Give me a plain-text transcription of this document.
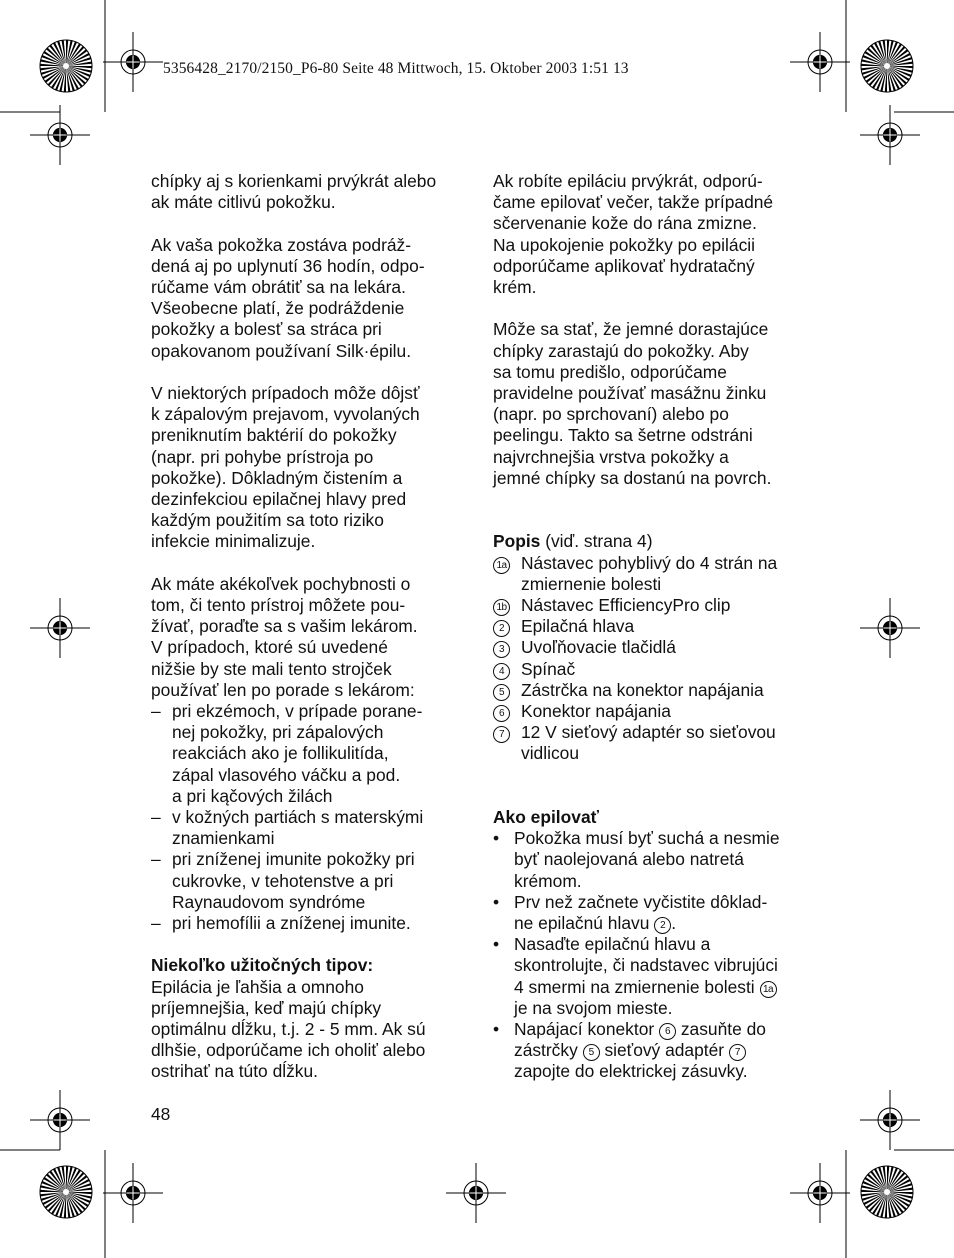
5356428_2170/2150_P6-80 Seite 48 Mittwoch, 15. Oktober 2003 1:51 13

chípky aj s korienkami prvýkrát alebo
ak máte citlivú pokožku.

Ak vaša pokožka zostáva podráž-
dená aj po uplynutí 36 hodín, odpo-
rúčame vám obrátiť sa na lekára.
Všeobecne platí, že podráždenie
pokožky a bolesť sa stráca pri
opakovanom používaní Silk·épilu.

V niektorých prípadoch môže dôjsť
k zápalovým prejavom, vyvolaných
preniknutím baktérií do pokožky
(napr. pri pohybe prístroja po
pokožke). Dôkladným čistením a
dezinfekciou epilačnej hlavy pred
každým použitím sa toto riziko
infekcie minimalizuje.

Ak máte akékoľvek pochybnosti o
tom, či tento prístroj môžete pou-
žívať, poraďte sa s vašim lekárom.
V prípadoch, ktoré sú uvedené
nižšie by ste mali tento strojček
používať len po porade s lekárom:

– pri ekzémoch, v prípade porane-
nej pokožky, pri zápalových
reakciách ako je follikulitída,
zápal vlasového váčku a pod.
a pri kąčových žilách
– v kožných partiách s materskými
znamienkami
– pri zníženej imunite pokožky pri
cukrovke, v tehotenstve a pri
Raynaudovom syndróme
– pri hemofílii a zníženej imunite.

Niekoľko užitočných tipov:

Epilácia je ľahšia a omnoho
príjemnejšia, keď majú chípky
optimálnu dĺžku, t.j. 2 - 5 mm. Ak sú
dlhšie, odporúčame ich oholiť alebo
ostrihať na túto dĺžku.

Ak robíte epiláciu prvýkrát, odporú-
čame epilovať večer, takže prípadné
sčervenanie kože do rána zmizne.
Na upokojenie pokožky po epilácii
odporúčame aplikovať hydratačný
krém.

Môže sa stať, že jemné dorastajúce
chípky zarastajú do pokožky. Aby
sa tomu predišlo, odporúčame
pravidelne používať masážnu žinku
(napr. po sprchovaní) alebo po
peelingu. Takto sa šetrne odstráni
najvrchnejšia vrstva pokožky a
jemné chípky sa dostanú na povrch.

Popis (viď. strana 4)

1a Nástavec pohyblivý do 4 strán na
zmiernenie bolesti
1b Nástavec EfficiencyPro clip
2 Epilačná hlava
3 Uvoľňovacie tlačidlá
4 Spínač
5 Zástrčka na konektor napájania
6 Konektor napájania
7 12 V sieťový adaptér so sieťovou
vidlicou

Ako epilovať

• Pokožka musí byť suchá a nesmie
byť naolejovaná alebo natretá
krémom.
• Prv než začnete vyčistite dôklad-
ne epilačnú hlavu 2 .
• Nasaďte epilačnú hlavu a
skontrolujte, či nadstavec vibrujúci
4 smermi na zmiernenie bolesti 1a
je na svojom mieste.
• Napájací konektor 6 zasuňte do
zástrčky 5 sieťový adaptér 7
zapojte do elektrickej zásuvky.

48
